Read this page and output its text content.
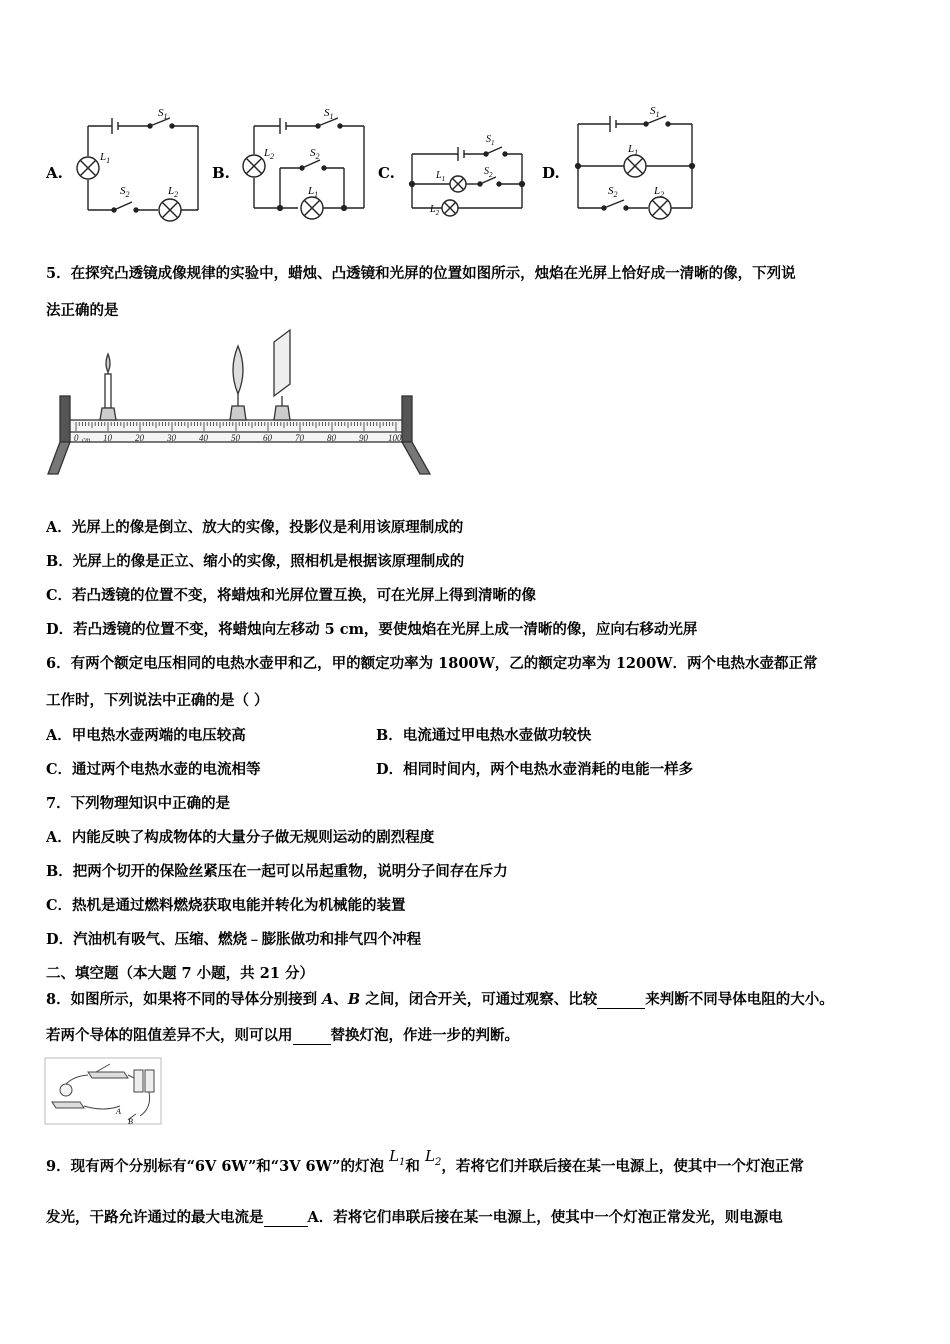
A.	B.	C.	D.
$S_1$
$L_1$
$S_2$	$L_2$
$S_1$
$L_2$	$S_2$
$L_1$
$S_1$
$L_1$
$S_2$
$L_2$
$S_1$
$L_1$
$S_2$	$L_2$
5．在探究凸透镜成像规律的实验中，蜡烛、凸透镜和光屏的位置如图所示，烛焰在光屏上恰好成一清晰的像，下列说
法正确的是
0	10	20	30	40	50	60	70	80	90 100
cm
A．光屏上的像是倒立、放大的实像，投影仪是利用该原理制成的
B．光屏上的像是正立、缩小的实像，照相机是根据该原理制成的
C．若凸透镜的位置不变，将蜡烛和光屏位置互换，可在光屏上得到清晰的像
D．若凸透镜的位置不变，将蜡烛向左移动 5 cm，要使烛焰在光屏上成一清晰的像，应向右移动光屏
6．有两个额定电压相同的电热水壶甲和乙，甲的额定功率为 1800W，乙的额定功率为 1200W．两个电热水壶都正常
工作时，下列说法中正确的是（ ）
A．甲电热水壶两端的电压较高	B．电流通过甲电热水壶做功较快
C．通过两个电热水壶的电流相等	D．相同时间内，两个电热水壶消耗的电能一样多
7．下列物理知识中正确的是
A．内能反映了构成物体的大量分子做无规则运动的剧烈程度
B．把两个切开的保险丝紧压在一起可以吊起重物，说明分子间存在斥力
C．热机是通过燃料燃烧获取电能并转化为机械能的装置
D．汽油机有吸气、压缩、燃烧﹣膨胀做功和排气四个冲程
二、填空题（本大题 7 小题，共 21 分）
8．如图所示，如果将不同的导体分别接到 A、B 之间，闭合开关，可通过观察、比较	来判断不同导体电阻的大小。
若两个导体的阻值差异不大，则可以用	替换灯泡，作进一步的判断。
A
B
9．现有两个分别标有“6V 6W”和“3V 6W”的灯泡 $L_1$和 $L_2$，若将它们并联后接在某一电源上，使其中一个灯泡正常
发光，干路允许通过的最大电流是	A．若将它们串联后接在某一电源上，使其中一个灯泡正常发光，则电源电
